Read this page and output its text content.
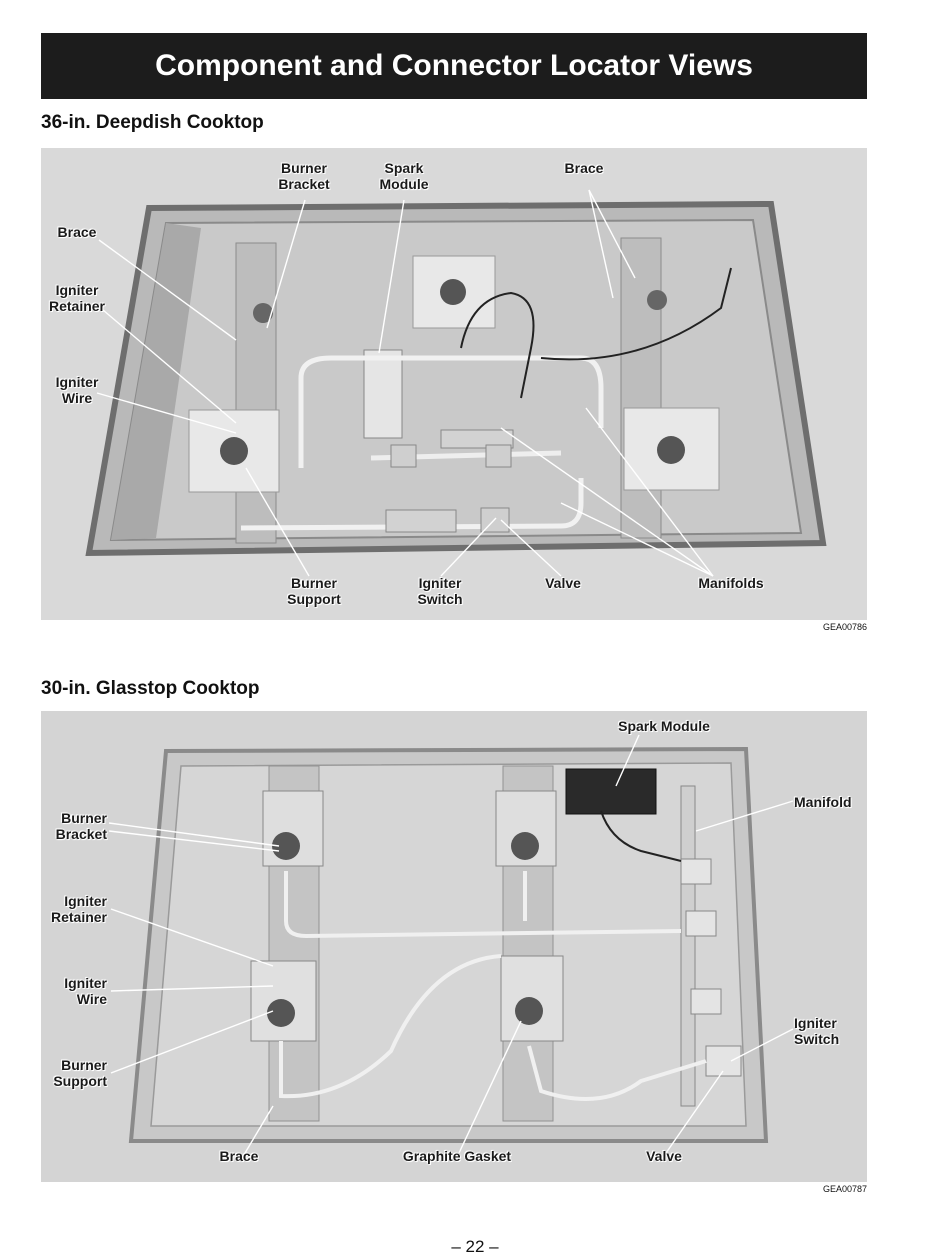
Component and Connector Locator Views
36-in. Deepdish Cooktop
Burner
Bracket
Spark
Module
Brace
Brace
Igniter
Retainer
Igniter
Wire
Burner
Support
Igniter
Switch
Valve	Manifolds
GEA00786
30-in. Glasstop Cooktop
Spark Module
Manifold
Burner
Bracket
Igniter
Retainer
Igniter
Wire
Burner
Support
Igniter
Switch
Brace	Graphite Gasket	Valve
GEA00787
– 22 –
